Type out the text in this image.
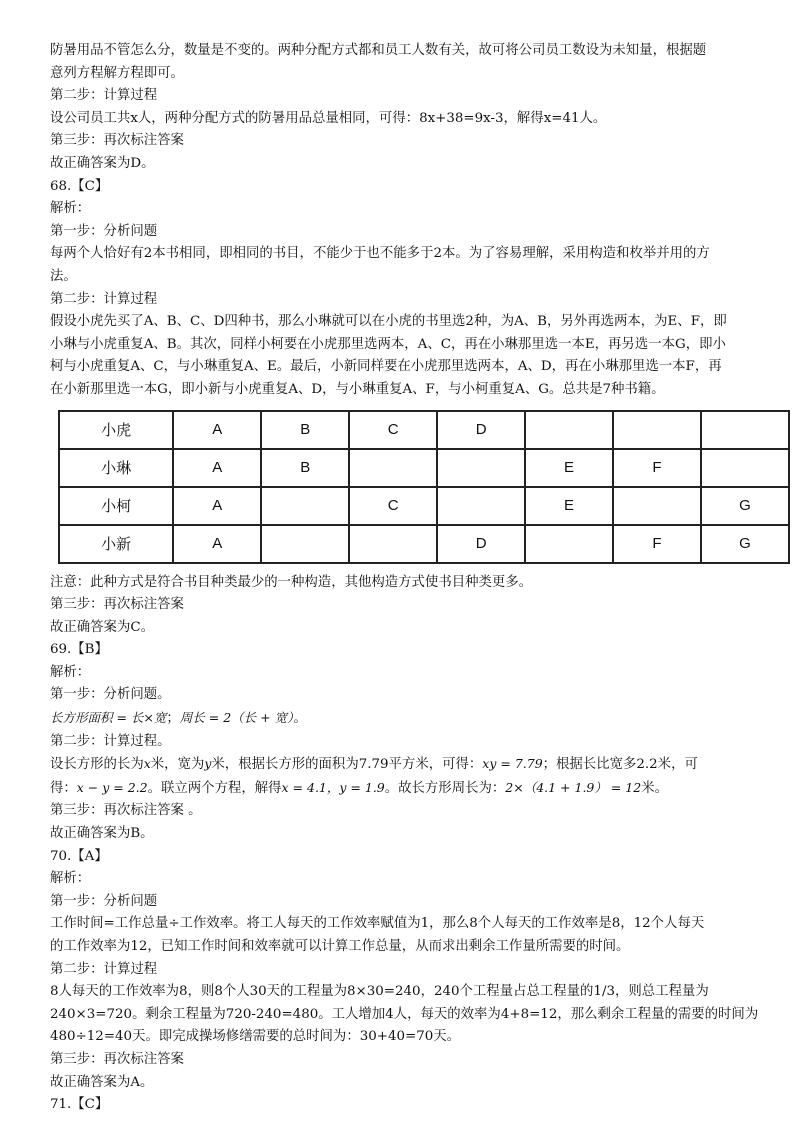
防暑用品不管怎么分，数量是不变的。两种分配方式都和员工人数有关，故可将公司员工数设为未知量，根据题

意列方程解方程即可。

第二步：计算过程

设公司员工共x人，两种分配方式的防暑用品总量相同，可得：8x+38=9x-3，解得x=41人。

第三步：再次标注答案

故正确答案为D。

68.【C】

解析：

第一步：分析问题

每两个人恰好有2本书相同，即相同的书目，不能少于也不能多于2本。为了容易理解，采用构造和枚举并用的方

法。

第二步：计算过程

假设小虎先买了A、B、C、D四种书，那么小琳就可以在小虎的书里选2种，为A、B，另外再选两本，为E、F，即

小琳与小虎重复A、B。其次，同样小柯要在小虎那里选两本，A、C，再在小琳那里选一本E，再另选一本G，即小

柯与小虎重复A、C，与小琳重复A、E。最后，小新同样要在小虎那里选两本，A、D，再在小琳那里选一本F，再

在小新那里选一本G，即小新与小虎重复A、D，与小琳重复A、F，与小柯重复A、G。总共是7种书籍。

小虎	A	B	C	D			
小琳	A	B			E	F	
小柯	A		C		E		G
小新	A			D		F	G

注意：此种方式是符合书目种类最少的一种构造，其他构造方式使书目种类更多。

第三步：再次标注答案

故正确答案为C。

69.【B】

解析：

第一步：分析问题。

长方形面积 = 长×宽；周长 = 2（长 + 宽）。

第二步：计算过程。

设长方形的长为x米，宽为y米，根据长方形的面积为7.79平方米，可得：xy = 7.79；根据长比宽多2.2米，可

得：x − y = 2.2。联立两个方程，解得x = 4.1，y = 1.9。故长方形周长为：2×（4.1 + 1.9） = 12米。

第三步：再次标注答案 。

故正确答案为B。

70.【A】

解析：

第一步：分析问题

工作时间=工作总量÷工作效率。将工人每天的工作效率赋值为1，那么8个人每天的工作效率是8，12个人每天

的工作效率为12，已知工作时间和效率就可以计算工作总量，从而求出剩余工作量所需要的时间。

第二步：计算过程

8人每天的工作效率为8，则8个人30天的工程量为8×30=240，240个工程量占总工程量的1/3，则总工程量为

240×3=720。剩余工程量为720-240=480。工人增加4人，每天的效率为4+8=12，那么剩余工程量的需要的时间为

480÷12=40天。即完成操场修缮需要的总时间为：30+40=70天。

第三步：再次标注答案

故正确答案为A。

71.【C】
